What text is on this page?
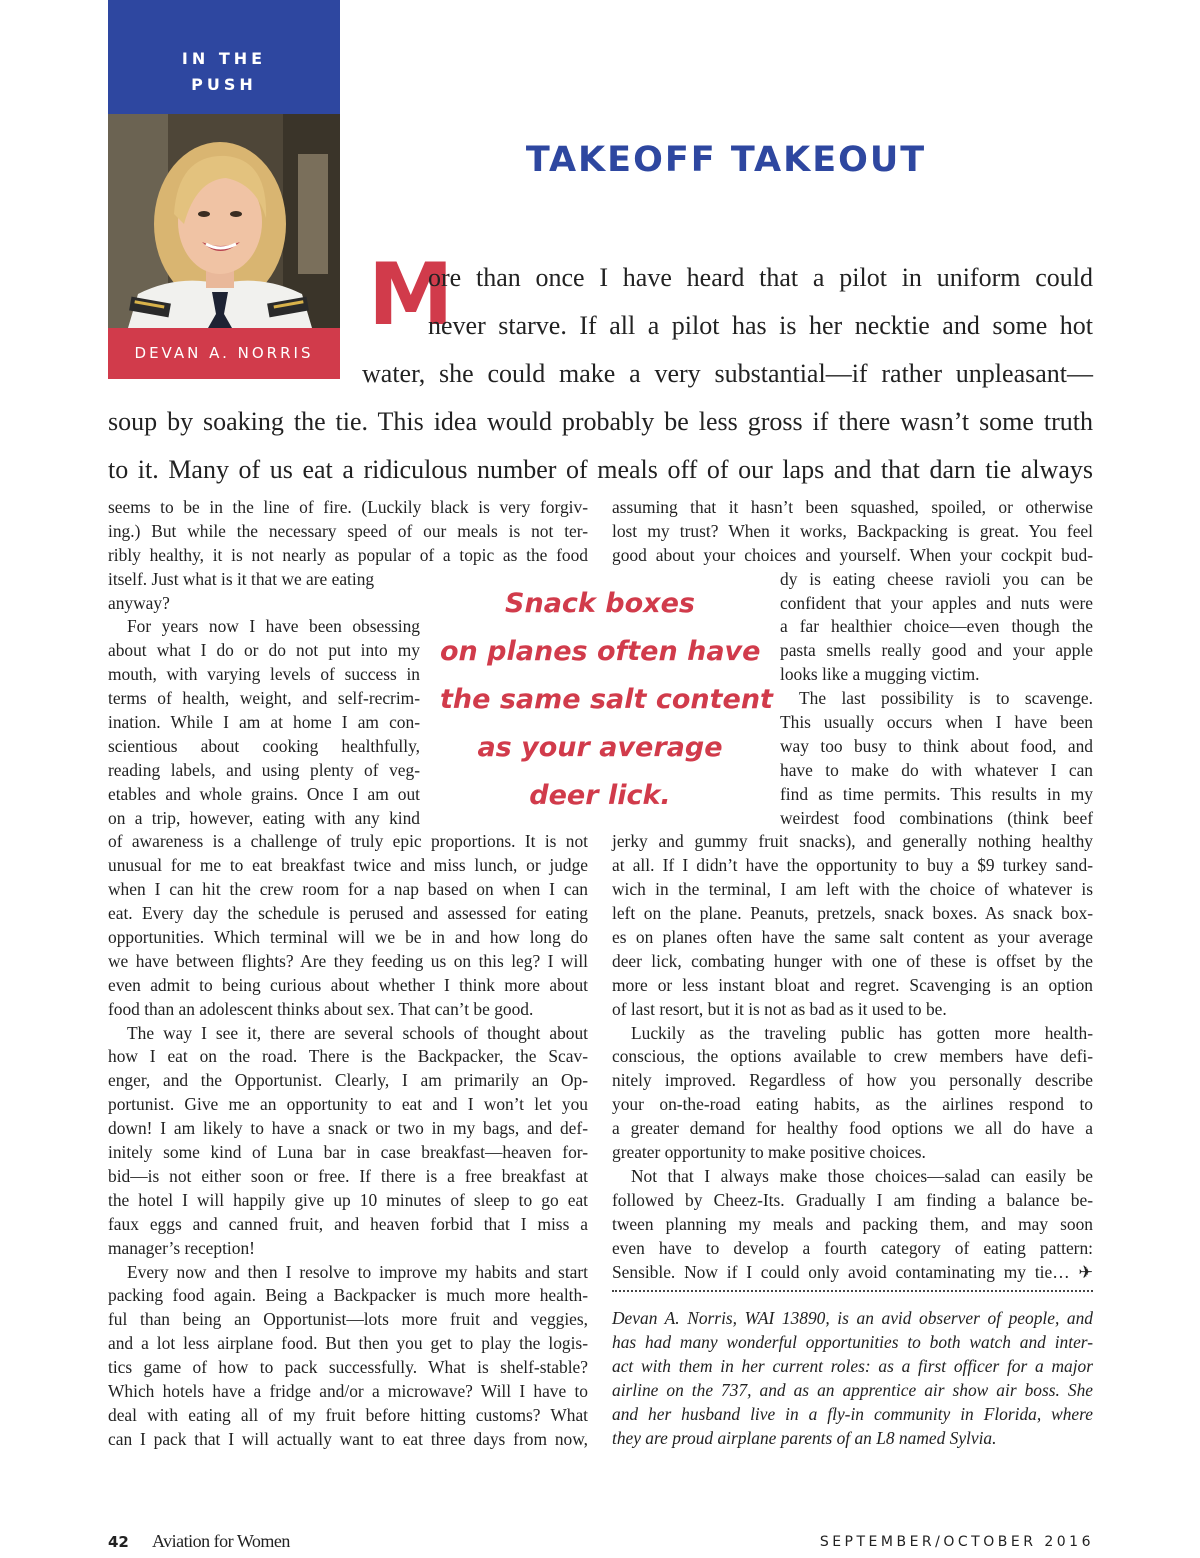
IN THE
PUSH
DEVAN A. NORRIS
TAKEOFF TAKEOUT
M
ore than once I have heard that a pilot in uniform could
never starve. If all a pilot has is her necktie and some hot
water, she could make a very substantial—if rather unpleasant—
soup by soaking the tie. This idea would probably be less gross if there wasn’t some truth
to it. Many of us eat a ridiculous number of meals off of our laps and that darn tie always
Snack boxes
on planes often have
the same salt content
as your average
deer lick.
seems to be in the line of fire. (Luckily black is very forgiv-
ing.) But while the necessary speed of our meals is not ter-
ribly healthy, it is not nearly as popular of a topic as the food
itself. Just what is it that we are eating
anyway?
For years now I have been obsessing
about what I do or do not put into my
mouth, with varying levels of success in
terms of health, weight, and self-recrim-
ination. While I am at home I am con-
scientious about cooking healthfully,
reading labels, and using plenty of veg-
etables and whole grains. Once I am out
on a trip, however, eating with any kind
of awareness is a challenge of truly epic proportions. It is not
unusual for me to eat breakfast twice and miss lunch, or judge
when I can hit the crew room for a nap based on when I can
eat. Every day the schedule is perused and assessed for eating
opportunities. Which terminal will we be in and how long do
we have between flights? Are they feeding us on this leg? I will
even admit to being curious about whether I think more about
food than an adolescent thinks about sex. That can’t be good.
The way I see it, there are several schools of thought about
how I eat on the road. There is the Backpacker, the Scav-
enger, and the Opportunist. Clearly, I am primarily an Op-
portunist. Give me an opportunity to eat and I won’t let you
down! I am likely to have a snack or two in my bags, and def-
initely some kind of Luna bar in case breakfast—heaven for-
bid—is not either soon or free. If there is a free breakfast at
the hotel I will happily give up 10 minutes of sleep to go eat
faux eggs and canned fruit, and heaven forbid that I miss a
manager’s reception!
Every now and then I resolve to improve my habits and start
packing food again. Being a Backpacker is much more health-
ful than being an Opportunist—lots more fruit and veggies,
and a lot less airplane food. But then you get to play the logis-
tics game of how to pack successfully. What is shelf-stable?
Which hotels have a fridge and/or a microwave? Will I have to
deal with eating all of my fruit before hitting customs? What
can I pack that I will actually want to eat three days from now,
assuming that it hasn’t been squashed, spoiled, or otherwise
lost my trust? When it works, Backpacking is great. You feel
good about your choices and yourself. When your cockpit bud-
dy is eating cheese ravioli you can be
confident that your apples and nuts were
a far healthier choice—even though the
pasta smells really good and your apple
looks like a mugging victim.
The last possibility is to scavenge.
This usually occurs when I have been
way too busy to think about food, and
have to make do with whatever I can
find as time permits. This results in my
weirdest food combinations (think beef
jerky and gummy fruit snacks), and generally nothing healthy
at all. If I didn’t have the opportunity to buy a $9 turkey sand-
wich in the terminal, I am left with the choice of whatever is
left on the plane. Peanuts, pretzels, snack boxes. As snack box-
es on planes often have the same salt content as your average
deer lick, combating hunger with one of these is offset by the
more or less instant bloat and regret. Scavenging is an option
of last resort, but it is not as bad as it used to be.
Luckily as the traveling public has gotten more health-
conscious, the options available to crew members have defi-
nitely improved. Regardless of how you personally describe
your on-the-road eating habits, as the airlines respond to
a greater demand for healthy food options we all do have a
greater opportunity to make positive choices.
Not that I always make those choices—salad can easily be
followed by Cheez-Its. Gradually I am finding a balance be-
tween planning my meals and packing them, and may soon
even have to develop a fourth category of eating pattern:
Sensible. Now if I could only avoid contaminating my tie… ✈
Devan A. Norris, WAI 13890, is an avid observer of people, and
has had many wonderful opportunities to both watch and inter-
act with them in her current roles: as a first officer for a major
airline on the 737, and as an apprentice air show air boss. She
and her husband live in a fly-in community in Florida, where
they are proud airplane parents of an L8 named Sylvia.
42 Aviation for Women	SEPTEMBER/OCTOBER 2016
